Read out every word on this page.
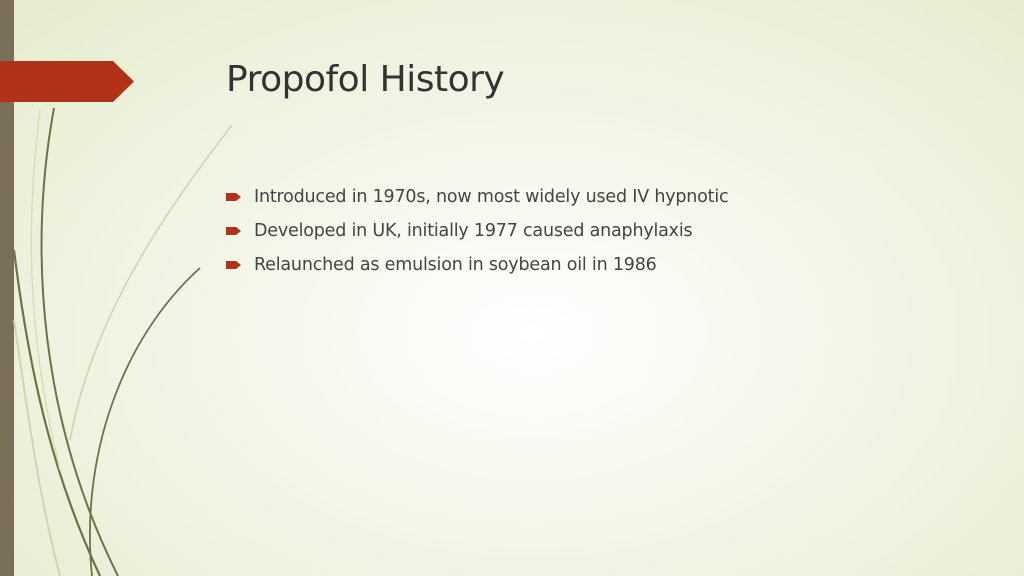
Propofol History
Introduced in 1970s, now most widely used IV hypnotic
Developed in UK, initially 1977 caused anaphylaxis
Relaunched as emulsion in soybean oil in 1986
